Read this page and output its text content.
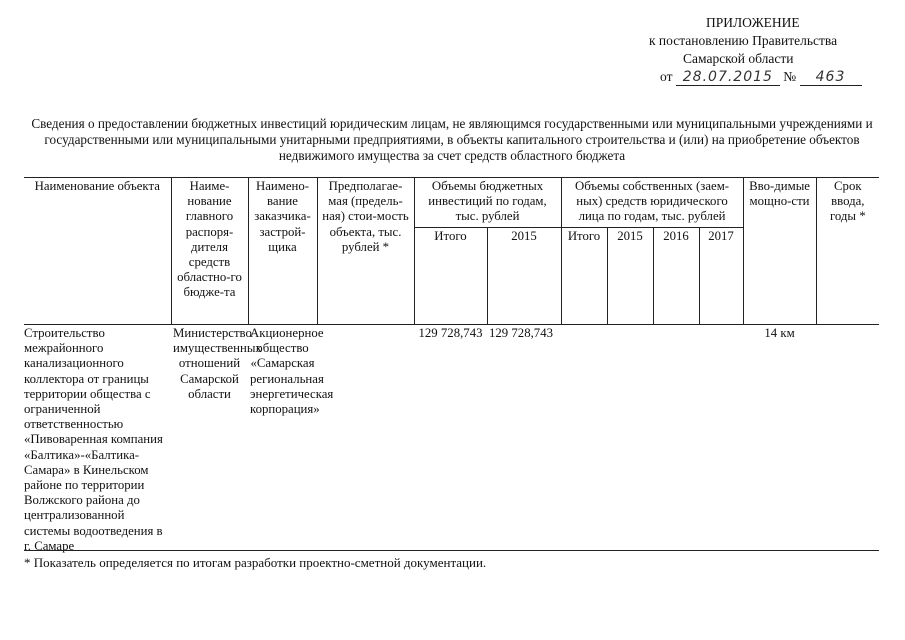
ПРИЛОЖЕНИЕ
к постановлению Правительства
Самарской области
от 28.07.2015 № 463
Сведения о предоставлении бюджетных инвестиций юридическим лицам, не являющимся государственными или муниципальными учреждениями и государственными или муниципальными унитарными предприятиями, в объекты капитального строительства и (или) на приобретение объектов недвижимого имущества за счет средств областного бюджета
Наименование объекта	Наиме-нование главного распоря-дителя средств областно-го бюдже-та	Наимено-вание заказчика-застрой-щика	Предполагае-мая (предель-ная) стои-мость объекта, тыс. рублей *	Объемы бюджетных инвестиций по годам, тыс. рублей		Объемы собственных (заем-ных) средств юридического лица по годам, тыс. рублей				Вво-димые мощно-сти	Срок ввода, годы *
				Итого	2015	Итого	2015	2016	2017		
Строительство межрайонного канализационного коллектора от границы территории общества с ограниченной ответственностью «Пивоваренная компания «Балтика»-«Балтика-Самара» в Кинельском районе по территории Волжского района до централизованной системы водоотведения в г. Самаре	Министерство имущественных отношений Самарской области	Акционерное общество «Самарская региональная энергетическая корпорация»		129 728,743	129 728,743					14 км	
* Показатель определяется по итогам разработки проектно-сметной документации.
